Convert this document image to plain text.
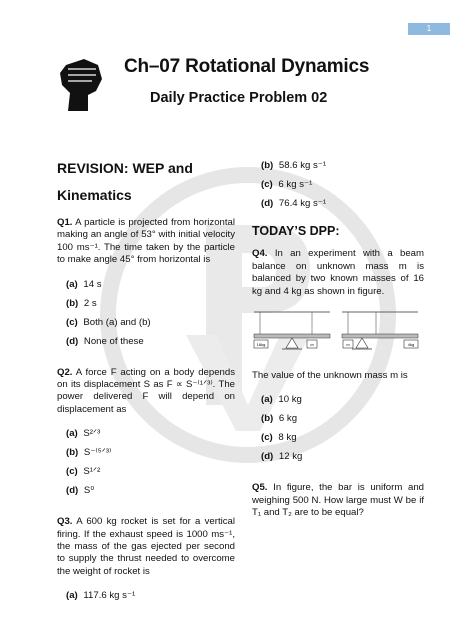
1
Ch–07 Rotational Dynamics
Daily Practice Problem 02
REVISION: WEP and
Kinematics
Q1. A particle is projected from horizontal making an angle of 53° with initial velocity 100 ms⁻¹. The time taken by the particle to make angle 45° from horizontal is
(a) 14 s
(b) 2 s
(c) Both (a) and (b)
(d) None of these
Q2. A force F acting on a body depends on its displacement S as F ∝ S⁻⁽¹ᐟ³⁾. The power delivered F will depend on displacement as
(a) S²ᐟ³
(b) S⁻⁽⁵ᐟ³⁾
(c) S¹ᐟ²
(d) S⁰
Q3. A 600 kg rocket is set for a vertical firing. If the exhaust speed is 1000 ms⁻¹, the mass of the gas ejected per second to supply the thrust needed to overcome the weight of rocket is
(a) 117.6 kg s⁻¹
(b) 58.6 kg s⁻¹
(c) 6 kg s⁻¹
(d) 76.4 kg s⁻¹
TODAY’S DPP:
Q4. In an experiment with a beam balance on unknown mass m is balanced by two known masses of 16 kg and 4 kg as shown in figure.
16kg	m	m	4kg
The value of the unknown mass m is
(a) 10 kg
(b) 6 kg
(c) 8 kg
(d) 12 kg
Q5. In figure, the bar is uniform and weighing 500 N. How large must W be if T₁ and T₂ are to be equal?
